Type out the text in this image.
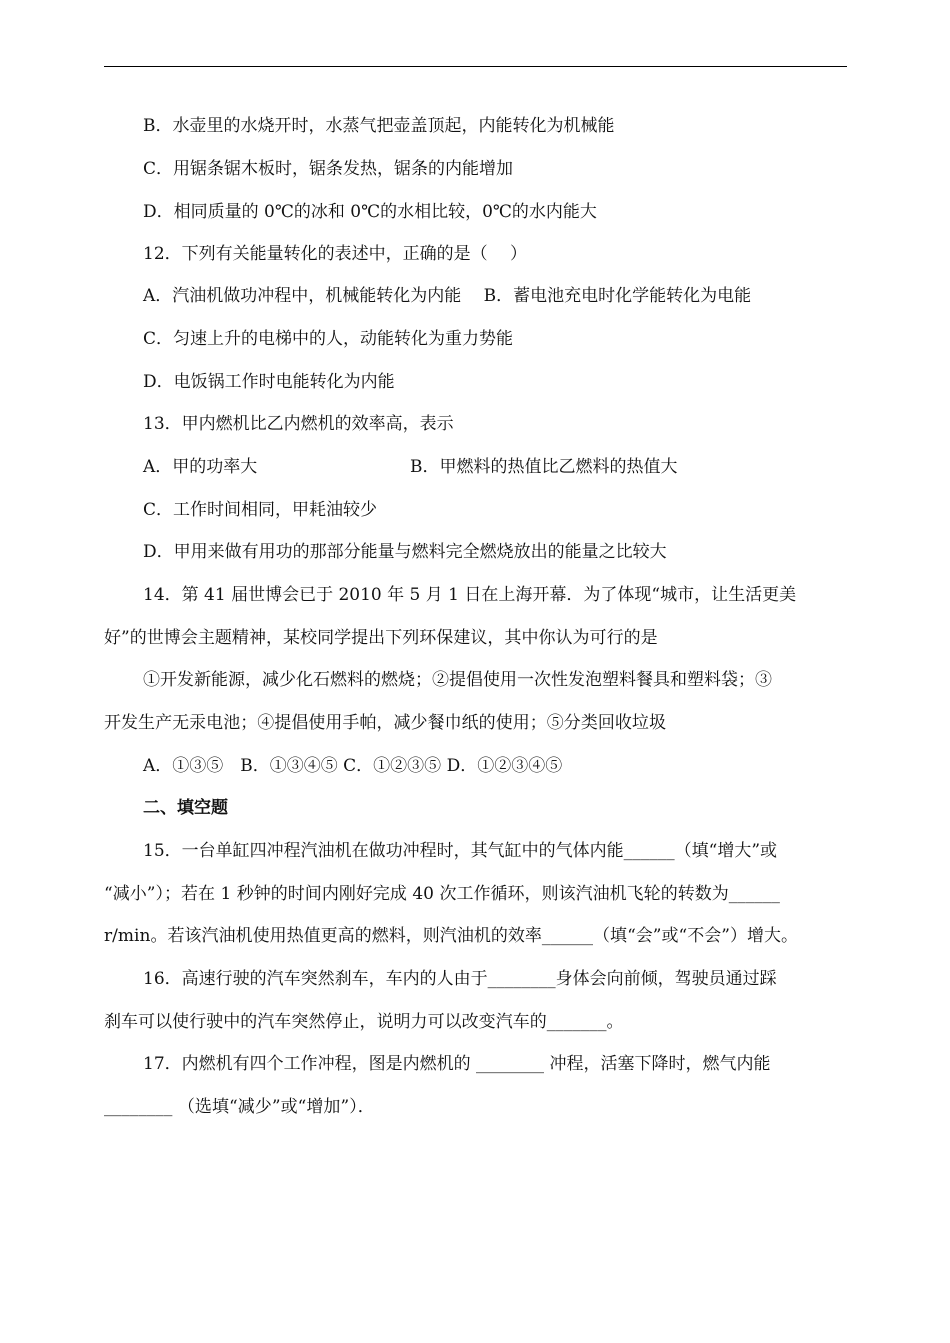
B．水壶里的水烧开时，水蒸气把壶盖顶起，内能转化为机械能
C．用锯条锯木板时，锯条发热，锯条的内能增加
D．相同质量的 0℃的冰和 0℃的水相比较，0℃的水内能大
12．下列有关能量转化的表述中，正确的是（　 ）
A．汽油机做功冲程中，机械能转化为内能　 B．蓄电池充电时化学能转化为电能
C．匀速上升的电梯中的人，动能转化为重力势能
D．电饭锅工作时电能转化为内能
13．甲内燃机比乙内燃机的效率高，表示
A．甲的功率大	B．甲燃料的热值比乙燃料的热值大
C．工作时间相同，甲耗油较少
D．甲用来做有用功的那部分能量与燃料完全燃烧放出的能量之比较大
14．第 41 届世博会已于 2010 年 5 月 1 日在上海开幕．为了体现“城市，让生活更美
好”的世博会主题精神，某校同学提出下列环保建议，其中你认为可行的是
①开发新能源，减少化石燃料的燃烧；②提倡使用一次性发泡塑料餐具和塑料袋；③
开发生产无汞电池；④提倡使用手帕，减少餐巾纸的使用；⑤分类回收垃圾
A．①③⑤　B．①③④⑤ C．①②③⑤ D．①②③④⑤
二、填空题
15．一台单缸四冲程汽油机在做功冲程时，其气缸中的气体内能______（填“增大”或
“减小”）；若在 1 秒钟的时间内刚好完成 40 次工作循环，则该汽油机飞轮的转数为______
r/min。若该汽油机使用热值更高的燃料，则汽油机的效率______（填“会”或“不会”）增大。
16．高速行驶的汽车突然刹车，车内的人由于________身体会向前倾，驾驶员通过踩
刹车可以使行驶中的汽车突然停止，说明力可以改变汽车的_______。
17．内燃机有四个工作冲程，图是内燃机的 ________ 冲程，活塞下降时，燃气内能
________ （选填“减少”或“增加”）．
